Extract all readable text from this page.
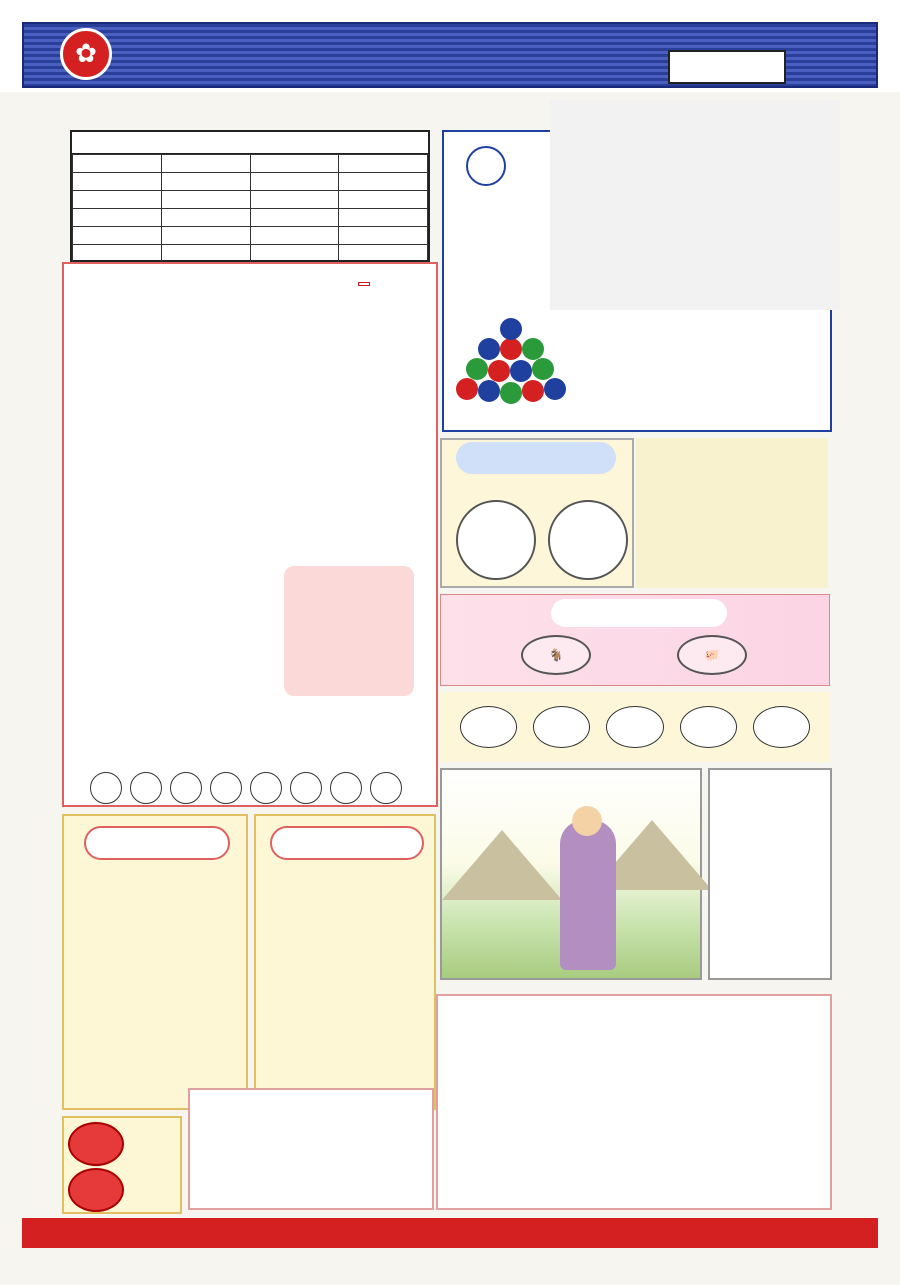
✿

🐐	🐖
